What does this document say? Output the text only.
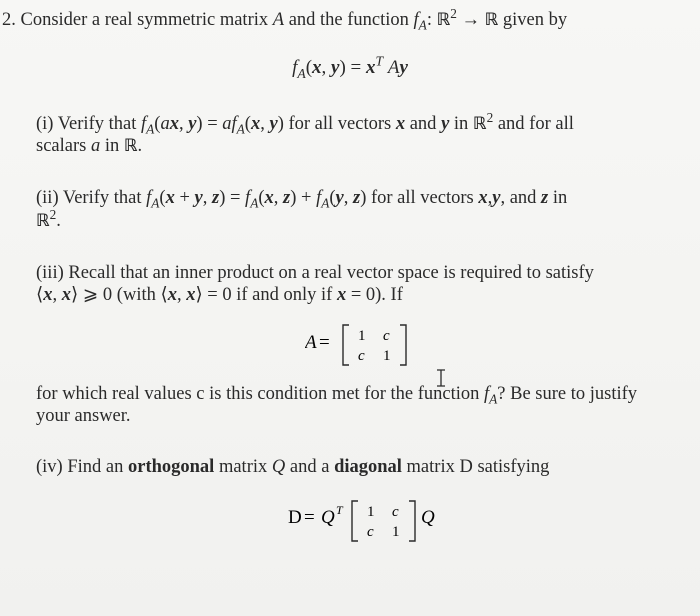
2. Consider a real symmetric matrix A and the function $f_A$: ℝ$^2$ → ℝ given by
$f_A(x$, $y) = x^T$ Ay
(i) Verify that $f_A(ax$, $y) = af_A(x$, y) for all vectors x and y in ℝ$^2$ and for all
scalars a in ℝ.
(ii) Verify that $f_A(x + y$, $z) = f_A(x$, $z) + f_A(y$, z) for all vectors x,y, and z in
ℝ$^2$.
(iii) Recall that an inner product on a real vector space is required to satisfy
⟨x, x⟩ ⩾ 0 (with ⟨x, x⟩ = 0 if and only if x = 0). If
A = 1 c
c 1
for which real values c is this condition met for the function $f_A$? Be sure to justify
your answer.
(iv) Find an orthogonal matrix Q and a diagonal matrix D satisfying
D = Q T 1 c
c 1
Q
